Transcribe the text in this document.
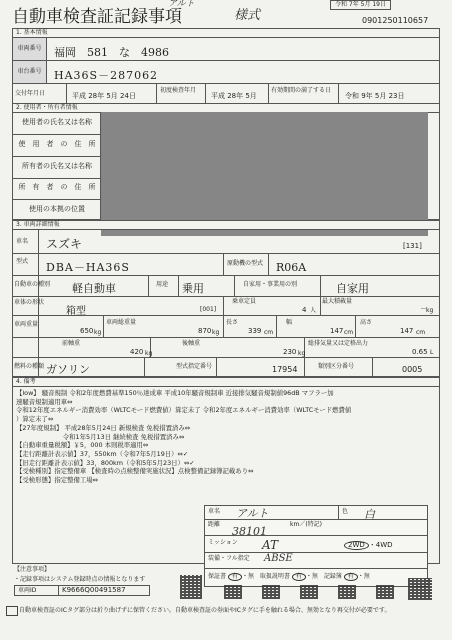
自動車検査証記録事項	様式
アルト	令和 7年 5月 19日
0901250110657
1. 基本情報
車両番号	福岡　581　な　4986
車台番号	HA36S－287062
交付年月日	平成 28年 5月 24日
初度検査年月
平成 28年 5月
有効期間の満了する日
令和 9年 5月 23日
2. 使用者・所有者情報
使用者の氏名又は名称
使　用　者　の　住　所
所有者の氏名又は名称
所　有　者　の　住　所
使用の本拠の位置
3. 車両詳細情報
車名 スズキ	[131]
型式 DBA－HA36S	原動機の型式 R06A
自動車の種別 軽自動車	用途 乗用	自家用・事業用の別	自家用
車体の形状
箱型	[001]
乗車定員
4 人
最大積載量
－ kg
車両重量
650 kg
車両総重量
870 kg
長さ
339 cm
幅
147 cm
高さ
147 cm
前軸重
420 kg
後軸重
230 kg
総排気量又は定格出力
0.65 L
燃料の種類 ガソリン	型式指定番号	17954	類別区分番号	0005
4. 備考
【low】 騒音規制 令和2年度燃費基準150％達成車 平成10年騒音規制車 近接排気騒音規制値96dB マフラー加
速騒音規制適用車⇔
令和12年度エネルギー消費効率（WLTCモード燃費値）算定未了 令和2年度エネルギー消費効率（WLTCモード燃費値
）算定未了⇔
【27年度規制】 平成28年5月24日 新規検査 免税措置済み⇔
　　　　　　　 令和1年5月13日 継続検査 免税措置済み⇔
【自動車重量税額】￥5，000 本則税率適用⇔
【走行距離計表示値】37，550km（令和7年5月19日）⇔✓
【旧走行距離計表示値】33，800km（令和5年5月23日）⇔✓
【受検種別】指定整備車 【検査時の点検整備実施状況】点検整備記録簿記載あり⇔
【受検形態】指定整備工場⇔
車名 アルト	色 白
距離	km／(特記)
38101
ミッション AT	2WD ・4WD
装備・フル指定 ABSE
保証書 有 ・無 取扱説明書 有 ・無 記録簿 有 ・無
【注意事項】
・記録事項はシステム登録時点の情報となります
車両ID	K9666Q00491587
自動車検査証のICタグ部分は折り曲げずに保管ください。自動車検査証の券面やICタグに手を触れる場合、無効となり再交付が必要です。
